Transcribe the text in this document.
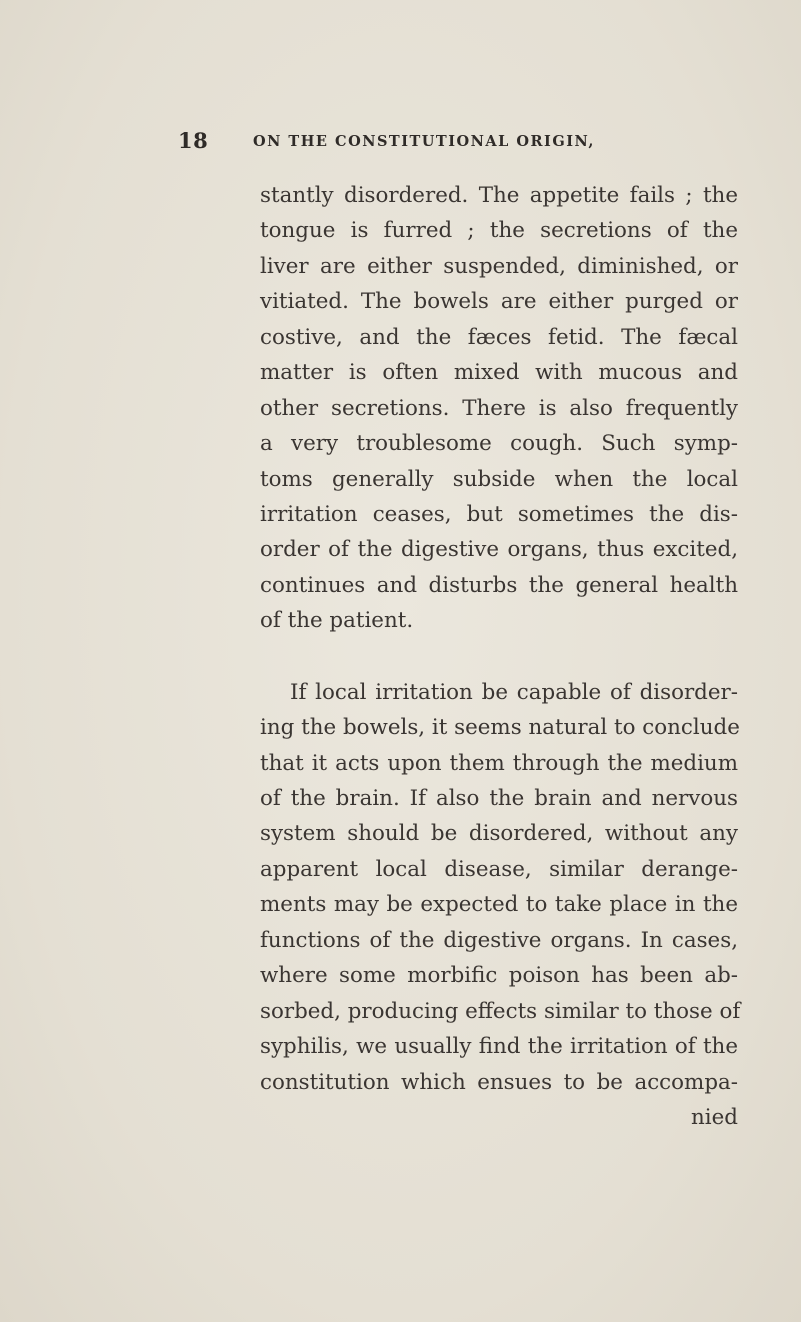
18	ON THE CONSTITUTIONAL ORIGIN,
stantly disordered. The appetite fails ; the
tongue is furred ; the secretions of the
liver are either suspended, diminished, or
vitiated. The bowels are either purged or
costive, and the fæces fetid. The fæcal
matter is often mixed with mucous and
other secretions. There is also frequently
a very troublesome cough. Such symp-
toms generally subside when the local
irritation ceases, but sometimes the dis-
order of the digestive organs, thus excited,
continues and disturbs the general health
of the patient.
If local irritation be capable of disorder-
ing the bowels, it seems natural to conclude
that it acts upon them through the medium
of the brain. If also the brain and nervous
system should be disordered, without any
apparent local disease, similar derange-
ments may be expected to take place in the
functions of the digestive organs. In cases,
where some morbific poison has been ab-
sorbed, producing effects similar to those of
syphilis, we usually find the irritation of the
constitution which ensues to be accompa-
nied
